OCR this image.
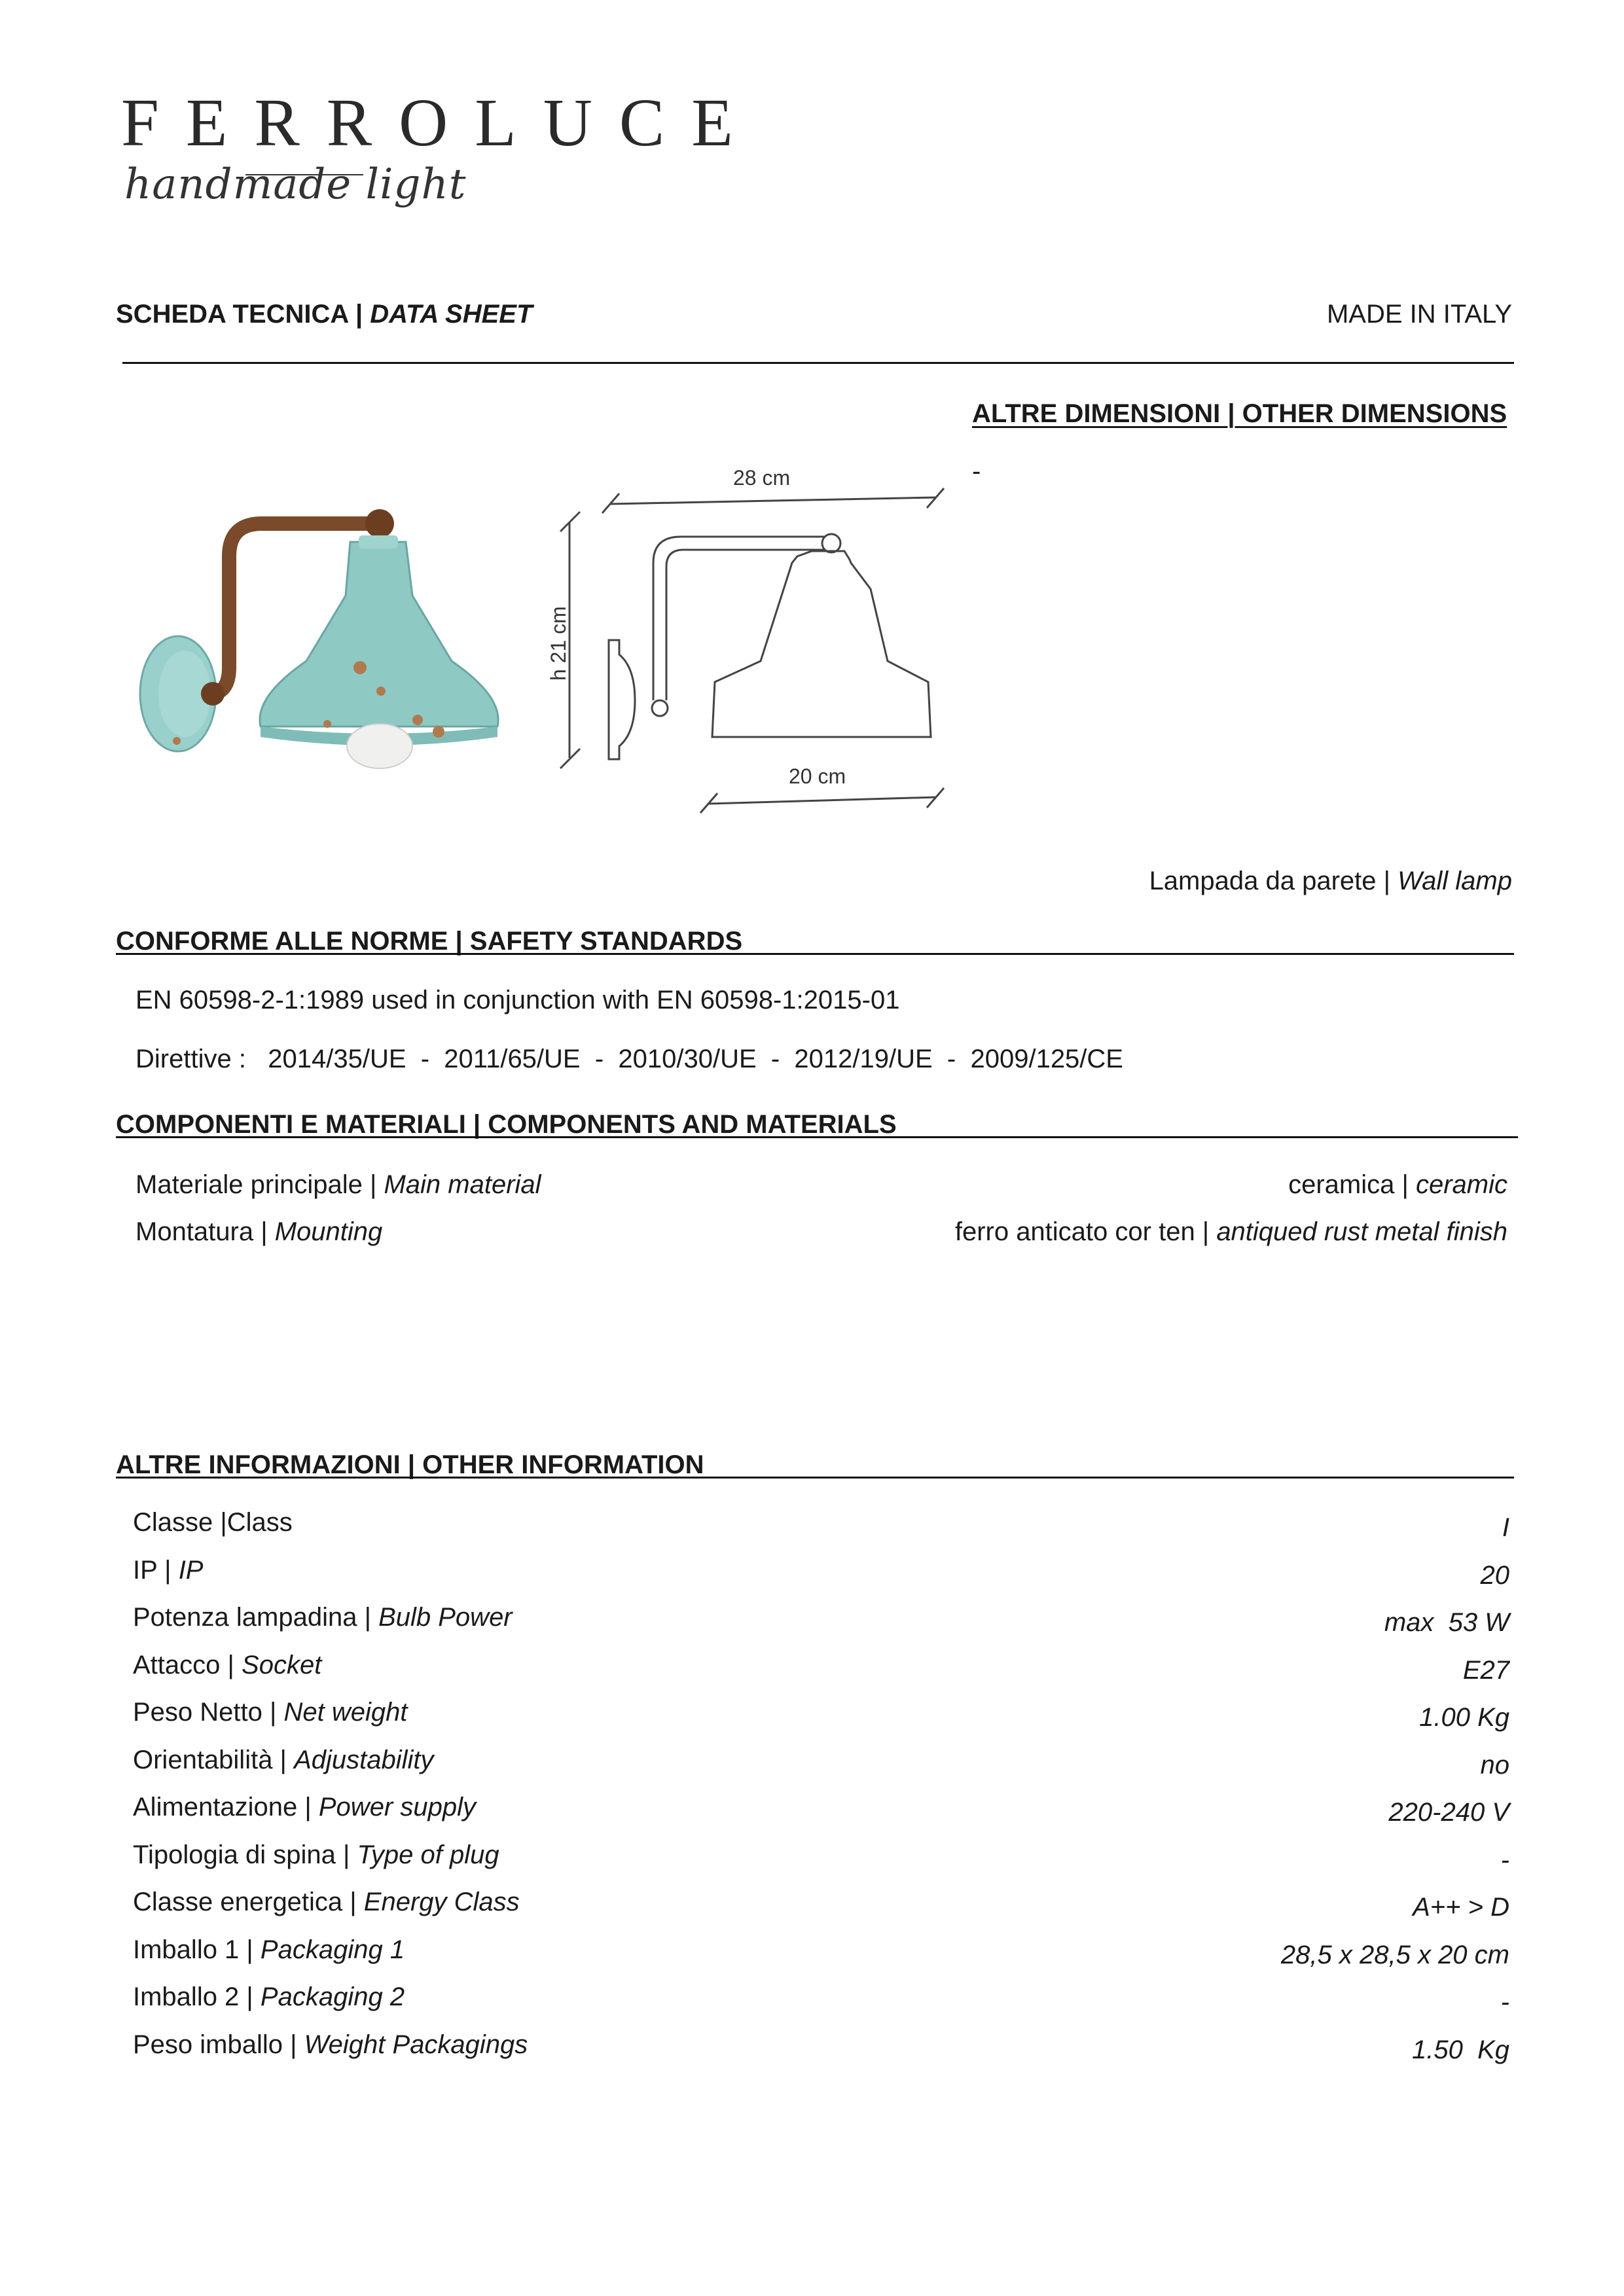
FERROLUCE
handmade light
SCHEDA TECNICA | DATA SHEET	MADE IN ITALY
ALTRE DIMENSIONI | OTHER DIMENSIONS
-
28 cm
h 21 cm
20 cm
Lampada da parete | Wall lamp
CONFORME ALLE NORME | SAFETY STANDARDS
EN 60598-2-1:1989 used in conjunction with EN 60598-1:2015-01
Direttive :   2014/35/UE  -  2011/65/UE  -  2010/30/UE  -  2012/19/UE  -  2009/125/CE
COMPONENTI E MATERIALI | COMPONENTS AND MATERIALS
Materiale principale | Main material	ceramica | ceramic
Montatura | Mounting	ferro anticato cor ten | antiqued rust metal finish
ALTRE INFORMAZIONI | OTHER INFORMATION
Classe |Class	I
IP | IP	20
Potenza lampadina | Bulb Power	max  53 W
Attacco | Socket	E27
Peso Netto | Net weight	1.00 Kg
Orientabilità | Adjustability	no
Alimentazione | Power supply	220-240 V
Tipologia di spina | Type of plug	-
Classe energetica | Energy Class	A++ > D
Imballo 1 | Packaging 1	28,5 x 28,5 x 20 cm
Imballo 2 | Packaging 2	-
Peso imballo | Weight Packagings	1.50  Kg
